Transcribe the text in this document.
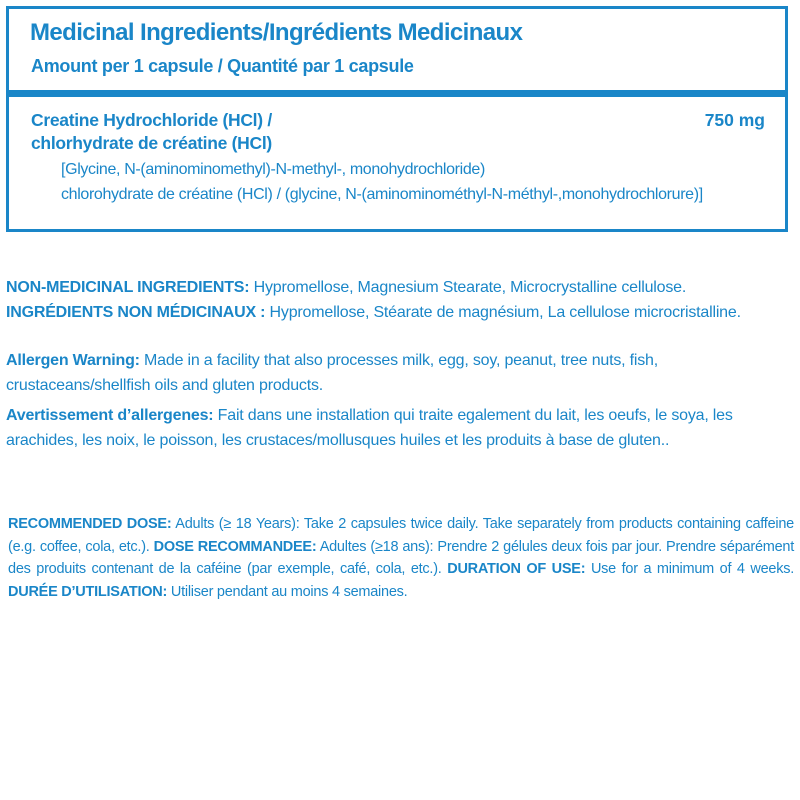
Medicinal Ingredients/Ingrédients Medicinaux
Amount per 1 capsule / Quantité par 1 capsule
Creatine Hydrochloride (HCl) /
chlorhydrate de créatine (HCl)
750 mg
[Glycine, N-(aminominomethyl)-N-methyl-, monohydrochloride)
chlorohydrate de créatine (HCl) / (glycine, N-(aminominométhyl-N-méthyl-,monohydrochlorure)]
NON-MEDICINAL INGREDIENTS: Hypromellose, Magnesium Stearate, Microcrystalline cellulose.
INGRÉDIENTS NON MÉDICINAUX : Hypromellose, Stéarate de magnésium, La cellulose microcristalline.
Allergen Warning: Made in a facility that also processes milk, egg, soy, peanut, tree nuts, fish, crustaceans/shellfish oils and gluten products.
Avertissement d’allergenes: Fait dans une installation qui traite egalement du lait, les oeufs, le soya, les arachides, les noix, le poisson, les crustaces/mollusques huiles et les produits à base de gluten..
RECOMMENDED DOSE: Adults (≥ 18 Years): Take 2 capsules twice daily. Take separately from products containing caffeine (e.g. coffee, cola, etc.). DOSE RECOMMANDEE: Adultes (≥18 ans): Prendre 2 gélules deux fois par jour. Prendre séparément des produits contenant de la caféine (par exemple, café, cola, etc.). DURATION OF USE: Use for a minimum of 4 weeks. DURÉE D’UTILISATION: Utiliser pendant au moins 4 semaines.
